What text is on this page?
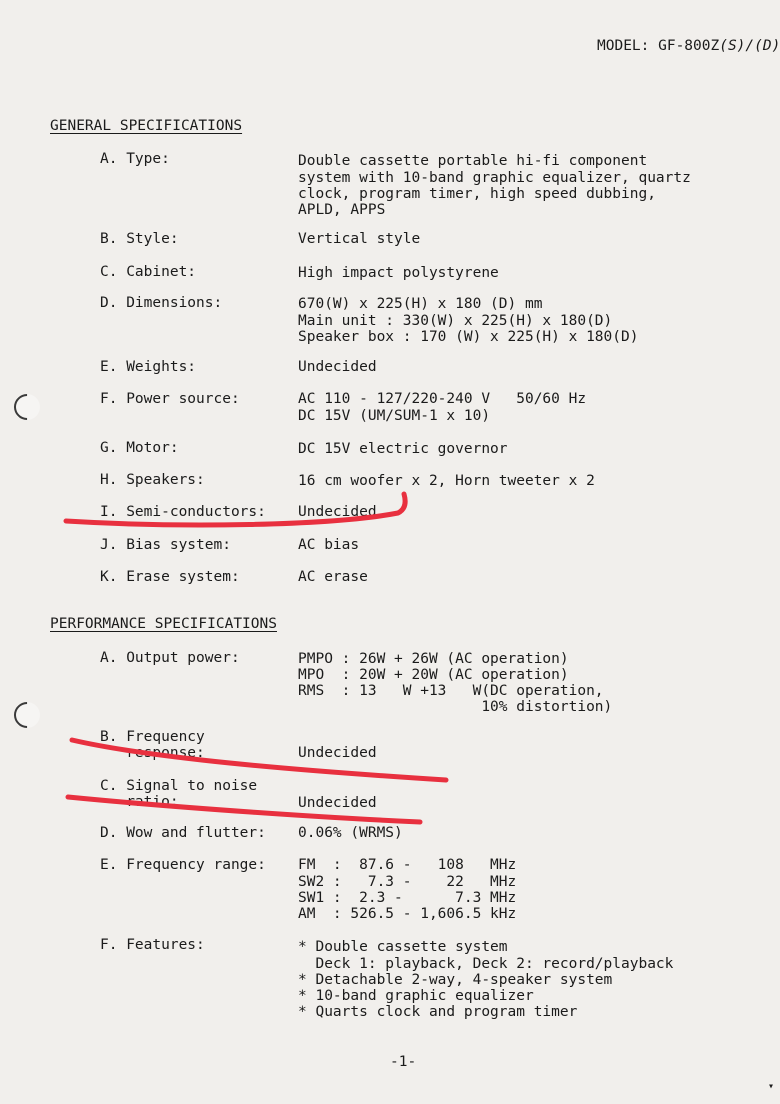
MODEL: GF-800Z(S)/(D)
GENERAL SPECIFICATIONS
A. Type:	Double cassette portable hi-fi component
system with 10-band graphic equalizer, quartz
clock, program timer, high speed dubbing,
APLD, APPS
B. Style:	Vertical style
C. Cabinet:	High impact polystyrene
D. Dimensions:	670(W) x 225(H) x 180 (D) mm
Main unit : 330(W) x 225(H) x 180(D)
Speaker box : 170 (W) x 225(H) x 180(D)
E. Weights:	Undecided
F. Power source:	AC 110 - 127/220-240 V   50/60 Hz
DC 15V (UM/SUM-1 x 10)
G. Motor:	DC 15V electric governor
H. Speakers:	16 cm woofer x 2, Horn tweeter x 2
I. Semi-conductors: Undecided
J. Bias system:	AC bias
K. Erase system:	AC erase
PERFORMANCE SPECIFICATIONS
A. Output power:	PMPO : 26W + 26W (AC operation)
MPO  : 20W + 20W (AC operation)
RMS  : 13   W +13   W(DC operation,
10% distortion)
B. Frequency
response:	Undecided
C. Signal to noise
ratio:	Undecided
D. Wow and flutter: 0.06% (WRMS)
E. Frequency range: FM  :  87.6 -   108   MHz
SW2 :   7.3 -    22   MHz
SW1 :  2.3 -      7.3 MHz
AM  : 526.5 - 1,606.5 kHz
F. Features:	* Double cassette system
Deck 1: playback, Deck 2: record/playback
* Detachable 2-way, 4-speaker system
* 10-band graphic equalizer
* Quarts clock and program timer
-1-
▾
